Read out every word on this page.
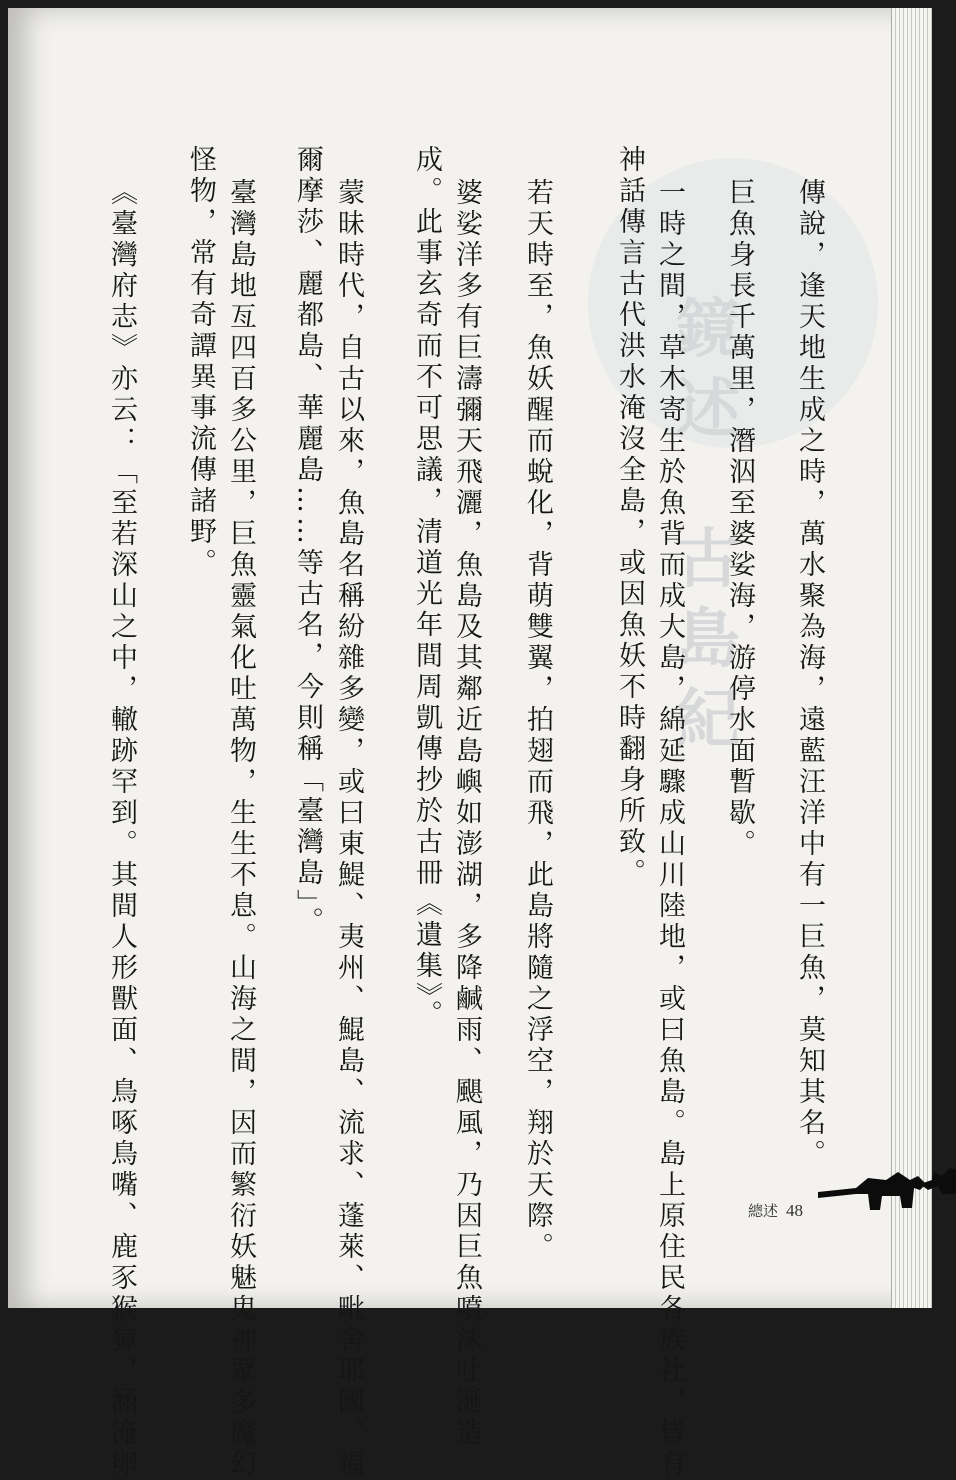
鏡
述
古
島
紀 傳說，逢天地生成之時，萬水聚為海，遠藍汪洋中有一巨魚，莫知其名。
巨魚身長千萬里，潛泅至婆娑海，游停水面暫歇。
一時之間，草木寄生於魚背而成大島，綿延驟成山川陸地，或曰魚島。島上原住民各族社，皆有
神話傳言古代洪水淹沒全島，或因魚妖不時翻身所致。
若天時至，魚妖醒而蛻化，背萌雙翼，拍翅而飛，此島將隨之浮空，翔於天際。
婆娑洋多有巨濤彌天飛灑，魚島及其鄰近島嶼如澎湖，多降鹹雨、颶風，乃因巨魚噴沫吐涎造
成。此事玄奇而不可思議，清道光年間周凱傳抄於古冊《遺集》。
蒙昧時代，自古以來，魚島名稱紛雜多變，或曰東鯷、夷州、鯤島、流求、蓬萊、毗舍耶國、福
爾摩莎、麗都島、華麗島……等古名，今則稱「臺灣島」。
臺灣島地亙四百多公里，巨魚靈氣化吐萬物，生生不息。山海之間，因而繁衍妖魅鬼神眾多魔幻
怪物，常有奇譚異事流傳諸野。
《臺灣府志》亦云：「至若深山之中，轍跡罕到。其間人形獸面、鳥啄鳥嘴、鹿豕猴獐，涵淹卵	總述 48
